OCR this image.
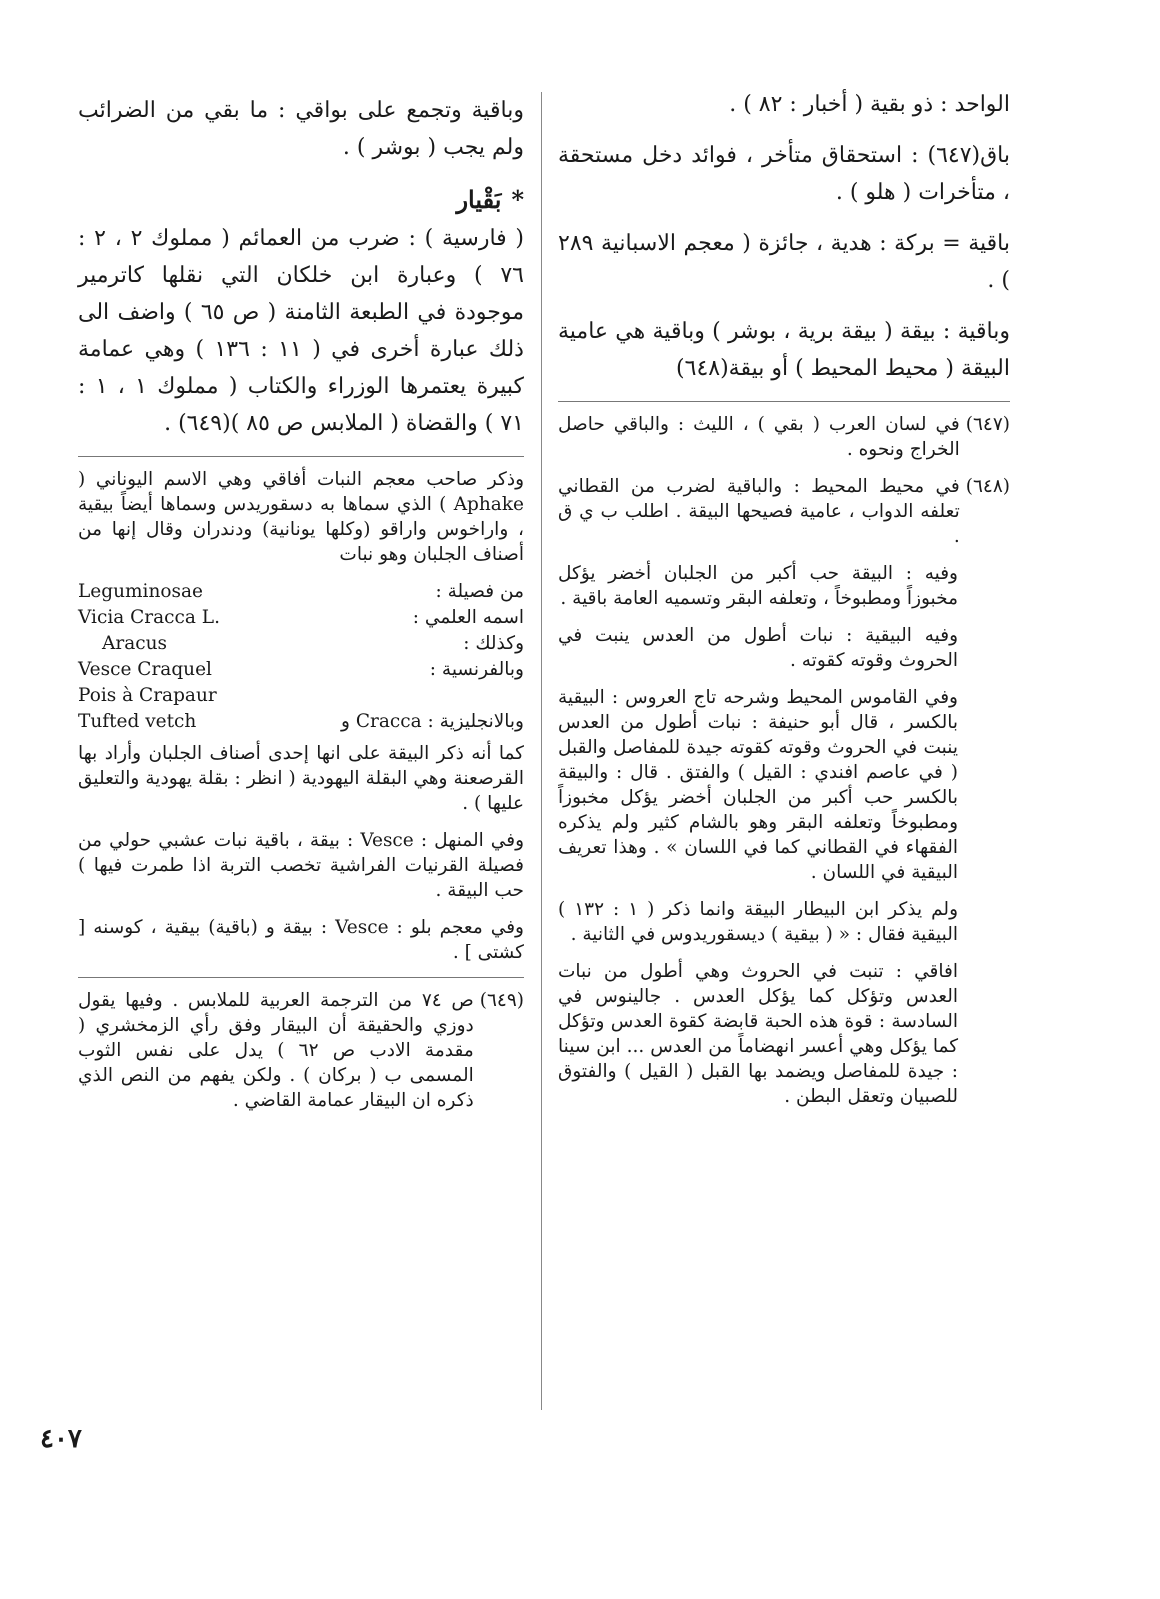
الواحد : ذو بقية ( أخبار : ٨٢ ) .

باق(٦٤٧) : استحقاق متأخر ، فوائد دخل مستحقة ، متأخرات ( هلو ) .

باقية = بركة : هدية ، جائزة ( معجم الاسبانية ٢٨٩ ) .

وباقية : بيقة ( بيقة برية ، بوشر ) وباقية هي عامية البيقة ( محيط المحيط ) أو بيقة(٦٤٨)

(٦٤٧)
في لسان العرب ( بقي ) ، الليث : والباقي حاصل الخراج ونحوه .
(٦٤٨)
في محيط المحيط : والباقية لضرب من القطاني تعلفه الدواب ، عامية فصيحها البيقة . اطلب ب ي ق .

وفيه : البيقة حب أكبر من الجلبان أخضر يؤكل مخبوزاً ومطبوخاً ، وتعلفه البقر وتسميه العامة باقية .

وفيه البيقية : نبات أطول من العدس ينبت في الحروث وقوته كقوته .

وفي القاموس المحيط وشرحه تاج العروس : البيقية بالكسر ، قال أبو حنيفة : نبات أطول من العدس ينبت في الحروث وقوته كقوته جيدة للمفاصل والقبل ( في عاصم افندي : القيل ) والفتق . قال : والبيقة بالكسر حب أكبر من الجلبان أخضر يؤكل مخبوزاً ومطبوخاً وتعلفه البقر وهو بالشام كثير ولم يذكره الفقهاء في القطاني كما في اللسان » . وهذا تعريف البيقية في اللسان .

ولم يذكر ابن البيطار البيقة وانما ذكر ( ١ : ١٣٢ ) البيقية فقال : « ( بيقية ) ديسقوريدوس في الثانية .

افاقي : تنبت في الحروث وهي أطول من نبات العدس وتؤكل كما يؤكل العدس . جالينوس في السادسة : قوة هذه الحبة قابضة كقوة العدس وتؤكل كما يؤكل وهي أعسر انهضاماً من العدس ... ابن سينا : جيدة للمفاصل ويضمد بها القبل ( القيل ) والفتوق للصبيان وتعقل البطن .

وباقية وتجمع على بواقي : ما بقي من الضرائب ولم يجب ( بوشر ) .

*بَقْيار

( فارسية ) : ضرب من العمائم ( مملوك ٢ ، ٢ : ٧٦ ) وعبارة ابن خلكان التي نقلها كاترمير موجودة في الطبعة الثامنة ( ص ٦٥ ) واضف الى ذلك عبارة أخرى في ( ١١ : ١٣٦ ) وهي عمامة كبيرة يعتمرها الوزراء والكتاب ( مملوك ١ ، ١ : ٧١ ) والقضاة ( الملابس ص ٨٥ )(٦٤٩) .

وذكر صاحب معجم النبات أفاقي وهي الاسم اليوناني ( Aphake ) الذي سماها به دسقوريدس وسماها أيضاً بيقية ، واراخوس واراقو (وكلها يونانية) ودندران وقال إنها من أصناف الجلبان وهو نبات

من فصيلة :
Leguminosae
اسمه العلمي :
Vicia Cracca L.
وكذلك :
Aracus
وبالفرنسية :
Vesce Craquel
Pois à Crapaur
وبالانجليزية : Cracca و
Tufted vetch

كما أنه ذكر البيقة على انها إحدى أصناف الجلبان وأراد بها القرصعنة وهي البقلة اليهودية ( انظر : بقلة يهودية والتعليق عليها ) .

وفي المنهل : Vesce : بيقة ، باقية نبات عشبي حولي من فصيلة القرنيات الفراشية تخصب التربة اذا طمرت فيها ) حب البيقة .

وفي معجم بلو : Vesce : بيقة و (باقية) بيقية ، كوسنه [ كشتى ] .

(٦٤٩)
ص ٧٤ من الترجمة العربية للملابس . وفيها يقول دوزي والحقيقة أن البيقار وفق رأي الزمخشري ( مقدمة الادب ص ٦٢ ) يدل على نفس الثوب المسمى ب ( بركان ) . ولكن يفهم من النص الذي ذكره ان البيقار عمامة القاضي .
٤٠٧
